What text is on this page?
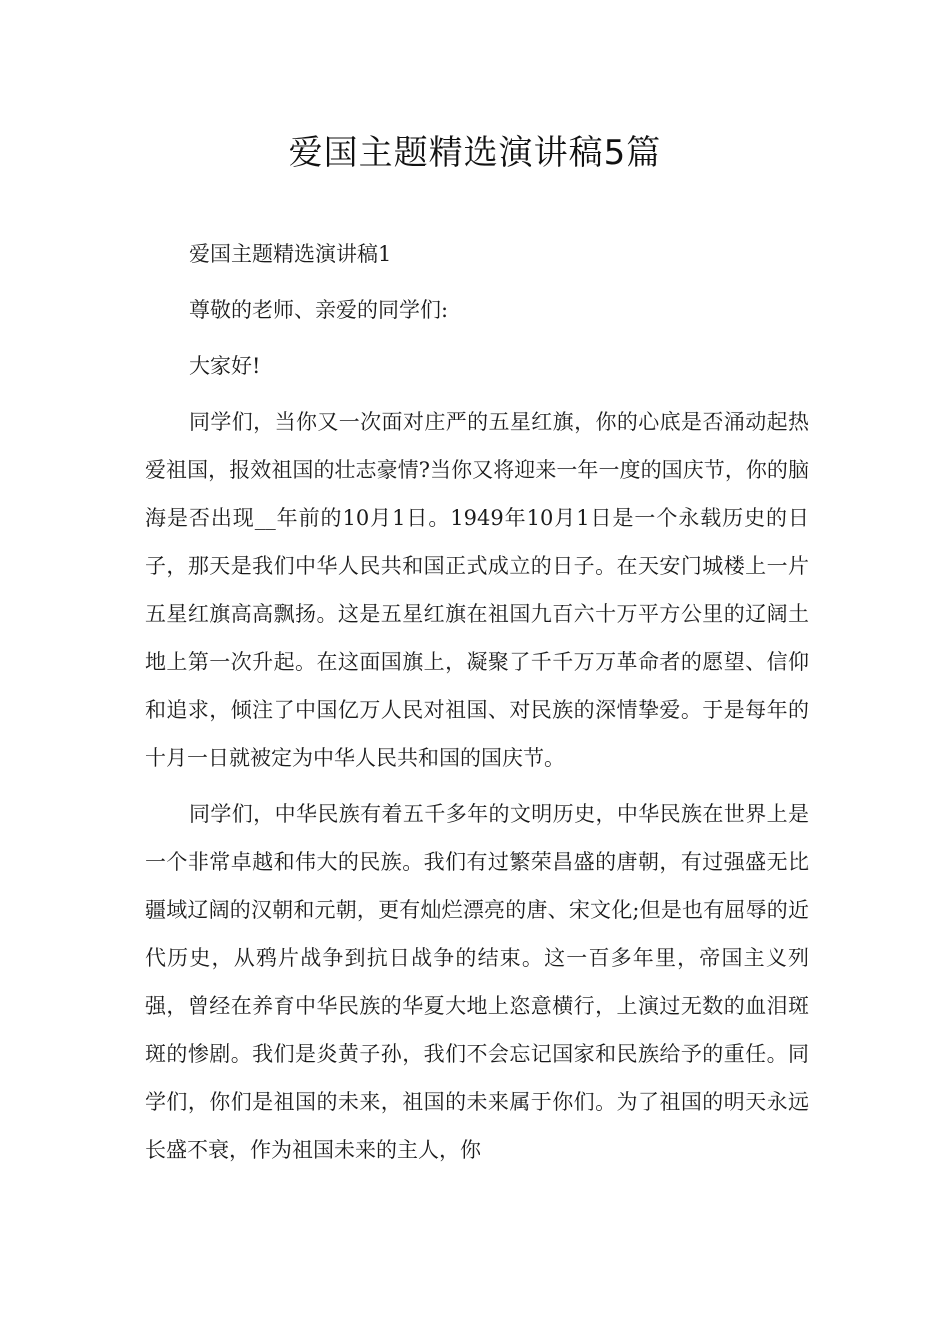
爱国主题精选演讲稿5篇

爱国主题精选演讲稿1

尊敬的老师、亲爱的同学们:

大家好!

同学们，当你又一次面对庄严的五星红旗，你的心底是否涌动起热爱祖国，报效祖国的壮志豪情?当你又将迎来一年一度的国庆节，你的脑海是否出现__年前的10月1日。1949年10月1日是一个永载历史的日子，那天是我们中华人民共和国正式成立的日子。在天安门城楼上一片五星红旗高高飘扬。这是五星红旗在祖国九百六十万平方公里的辽阔土地上第一次升起。在这面国旗上，凝聚了千千万万革命者的愿望、信仰和追求，倾注了中国亿万人民对祖国、对民族的深情挚爱。于是每年的十月一日就被定为中华人民共和国的国庆节。

同学们，中华民族有着五千多年的文明历史，中华民族在世界上是一个非常卓越和伟大的民族。我们有过繁荣昌盛的唐朝，有过强盛无比疆域辽阔的汉朝和元朝，更有灿烂漂亮的唐、宋文化;但是也有屈辱的近代历史，从鸦片战争到抗日战争的结束。这一百多年里，帝国主义列强，曾经在养育中华民族的华夏大地上恣意横行，上演过无数的血泪斑斑的惨剧。我们是炎黄子孙，我们不会忘记国家和民族给予的重任。同学们，你们是祖国的未来，祖国的未来属于你们。为了祖国的明天永远长盛不衰，作为祖国未来的主人，你
